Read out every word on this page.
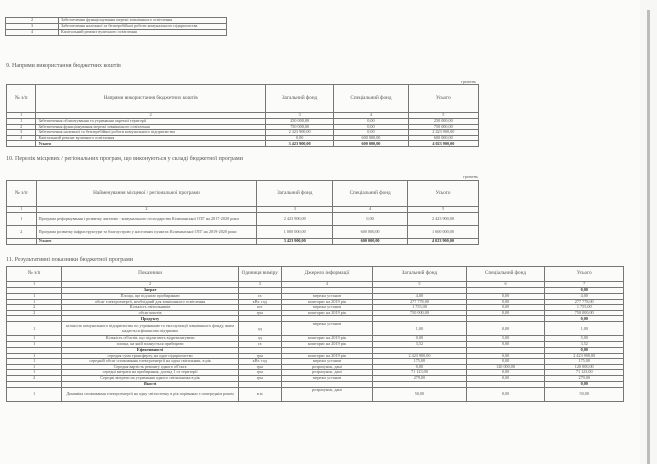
2	Забезпечення функціонування мережі зовнішнього освітлення
3	Забезпечення належної та безперебійної роботи комунального підприємства
4	Капітальний ремонт вуличного освітлення
9. Напрями використання бюджетних коштів
гривень
№ з/п	Напрями використання бюджетних коштів	Загальний фонд	Спеціальний фонд	Усього
1	2	3	4	5
1	Забезпечення облаштування та утримання окремої території	250 000,00	0,00	250 000,00
2	Забезпечення функціонування мережі зовнішнього освітлення	750 000,00	0,00	750 000,00
3	Забезпечення належної та безперебійної роботи комунального підприємства	2 423 900,00	0,00	2 423 900,00
4	Капітальний ремонт вуличного освітлення	0,00	600 000,00	600 000,00
	Усього	3 423 900,00	600 000,00	4 023 900,00
10. Перелік місцевих / регіональних програм, що виконуються у складі бюджетної програми
гривень
№ з/п	Найменування місцевої / регіональної програми	Загальний фонд	Спеціальний фонд	Усього
1	2	3	4	5
1	Програма реформування і розвитку житлово - комунального господарства Кілиманської ОТГ на 2017-2020 роки	2 423 900,00	0,00	2 423 900,00
2	Програма розвитку інфраструктури та благоустрою у населених пунктах Кілиманської ОТГ на 2019-2020 роки	1 000 000,00	600 000,00	1 600 000,00
	Усього	3 423 900,00	600 000,00	4 023 900,00
11. Результативні показники бюджетної програми
№ з/п	Показники	Одиниця виміру	Джерело інформації	Загальний фонд	Спеціальний фонд	Усього
1	2	3	4	5	6	7
	Затрат					0,00
1	Площа, що підлягає прибиранню	га	мережа установ	4,00	0,00	4,00
1	обсяг електроенергії, необхідний для зовнішнього освітлення	кВт. год	кошторис на 2019 рік	277 778,00	0,00	277 778,00
2	Кількість світильників	шт	мережа установ	1 755,00	0,00	1 755,00
2	обсяг коштів	грн	кошторис на 2019 рік	750 000,00	0,00	750 000,00
	Продукту					0,00
1	кількість комунального підприємства по утриманню та експлуатації зовнішнього фонду, яким надається фінансова підтримка	од	мережа установ	1,00	0,00	1,00
1	Кількість об'єктів, що підлягають відремонтувати	од	кошторис на 2019 рік	0,00	5,00	5,00
1	площа, на якій планується прибирати	га	кошторис на 2019 рік	3,52	0,00	3,52
	Ефективності					0,00
1	середня сума трансферту, на одне підприємство	грн	кошторис на 2019 рік	2 423 900,00	0,00	2 423 900,00
1	середній обсяг споживання електроенергії на один світильник, в рік	кВт. год	мережа установ	175,00	0,00	175,00
1	Середня вартість ремонту одного об'єкта	грн	розрахунок, дані	0,00	120 000,00	120 000,00
1	середні витрати на прибирання, догляд 1 га території	грн	розрахунок, дані	71 123,00	0,00	71 123,00
2	Середні витрати на утримання одного світильника в рік	грн	мережа установ	279,00	0,00	279,00
	Якості					0,00
1	Динаміка споживання електроенергії на одну світлоточку в рік порівняно з попереднім роком	в.м	розрахунок, дані	50,00	0,00	50,00
